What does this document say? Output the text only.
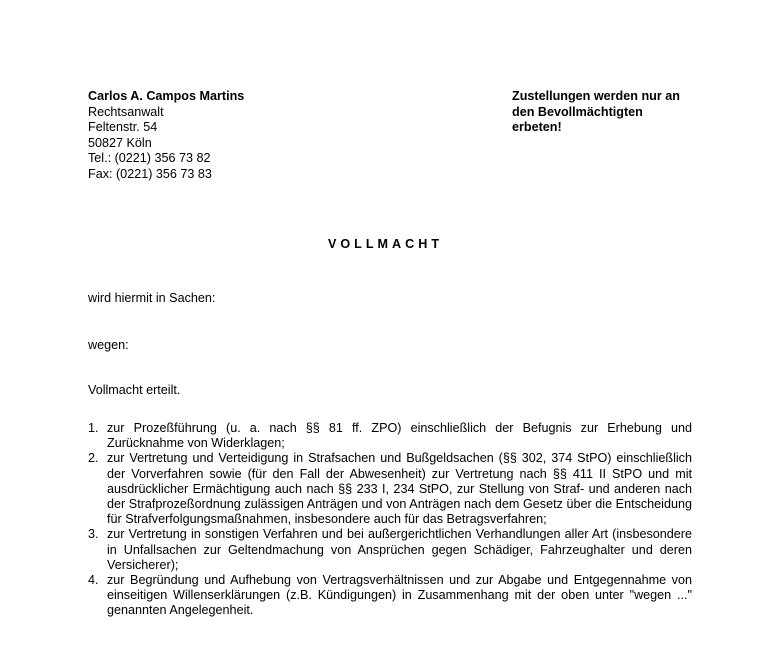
Carlos A. Campos Martins
Rechtsanwalt
Feltenstr. 54
50827 Köln
Tel.: (0221) 356 73 82
Fax: (0221) 356 73 83
Zustellungen werden nur an
den Bevollmächtigten
erbeten!
VOLLMACHT
wird hiermit in Sachen:
wegen:
Vollmacht erteilt.
1. zur Prozeßführung (u. a. nach §§ 81 ff. ZPO) einschließlich der Befugnis zur Erhebung und Zurücknahme von Widerklagen;
2. zur Vertretung und Verteidigung in Strafsachen und Bußgeldsachen (§§ 302, 374 StPO) einschließlich der Vorverfahren sowie (für den Fall der Abwesenheit) zur Vertretung nach §§ 411 II StPO und mit ausdrücklicher Ermächtigung auch nach §§ 233 I, 234 StPO, zur Stellung von Straf- und anderen nach der Strafprozeßordnung zulässigen Anträgen und von Anträgen nach dem Gesetz über die Entscheidung für Strafverfolgungsmaßnahmen, insbesondere auch für das Betragsverfahren;
3. zur Vertretung in sonstigen Verfahren und bei außergerichtlichen Verhandlungen aller Art (insbesondere in Unfallsachen zur Geltendmachung von Ansprüchen gegen Schädiger, Fahrzeughalter und deren Versicherer);
4. zur Begründung und Aufhebung von Vertragsverhältnissen und zur Abgabe und Entgegennahme von einseitigen Willenserklärungen (z.B. Kündigungen) in Zusammenhang mit der oben unter "wegen ..." genannten Angelegenheit.
